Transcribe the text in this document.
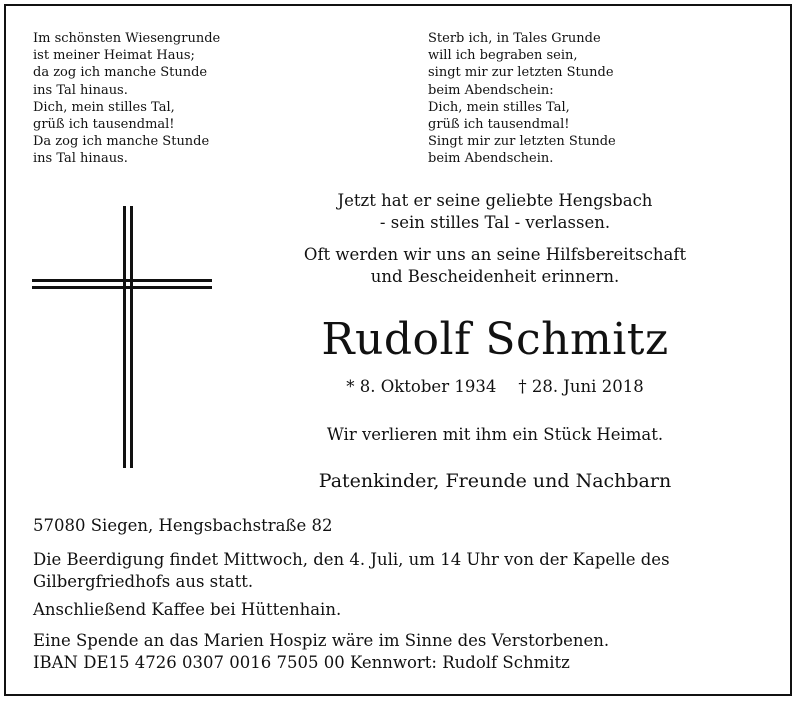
Im schönsten Wiesengrunde
ist meiner Heimat Haus;
da zog ich manche Stunde
ins Tal hinaus.
Dich, mein stilles Tal,
grüß ich tausendmal!
Da zog ich manche Stunde
ins Tal hinaus.
Sterb ich, in Tales Grunde
will ich begraben sein,
singt mir zur letzten Stunde
beim Abendschein:
Dich, mein stilles Tal,
grüß ich tausendmal!
Singt mir zur letzten Stunde
beim Abendschein.
Jetzt hat er seine geliebte Hengsbach
- sein stilles Tal - verlassen.
Oft werden wir uns an seine Hilfsbereitschaft
und Bescheidenheit erinnern.
Rudolf Schmitz
* 8. Oktober 1934 † 28. Juni 2018
Wir verlieren mit ihm ein Stück Heimat.
Patenkinder, Freunde und Nachbarn
57080 Siegen, Hengsbachstraße 82
Die Beerdigung findet Mittwoch, den 4. Juli, um 14 Uhr von der Kapelle des
Gilbergfriedhofs aus statt.
Anschließend Kaffee bei Hüttenhain.
Eine Spende an das Marien Hospiz wäre im Sinne des Verstorbenen.
IBAN DE15 4726 0307 0016 7505 00 Kennwort: Rudolf Schmitz
